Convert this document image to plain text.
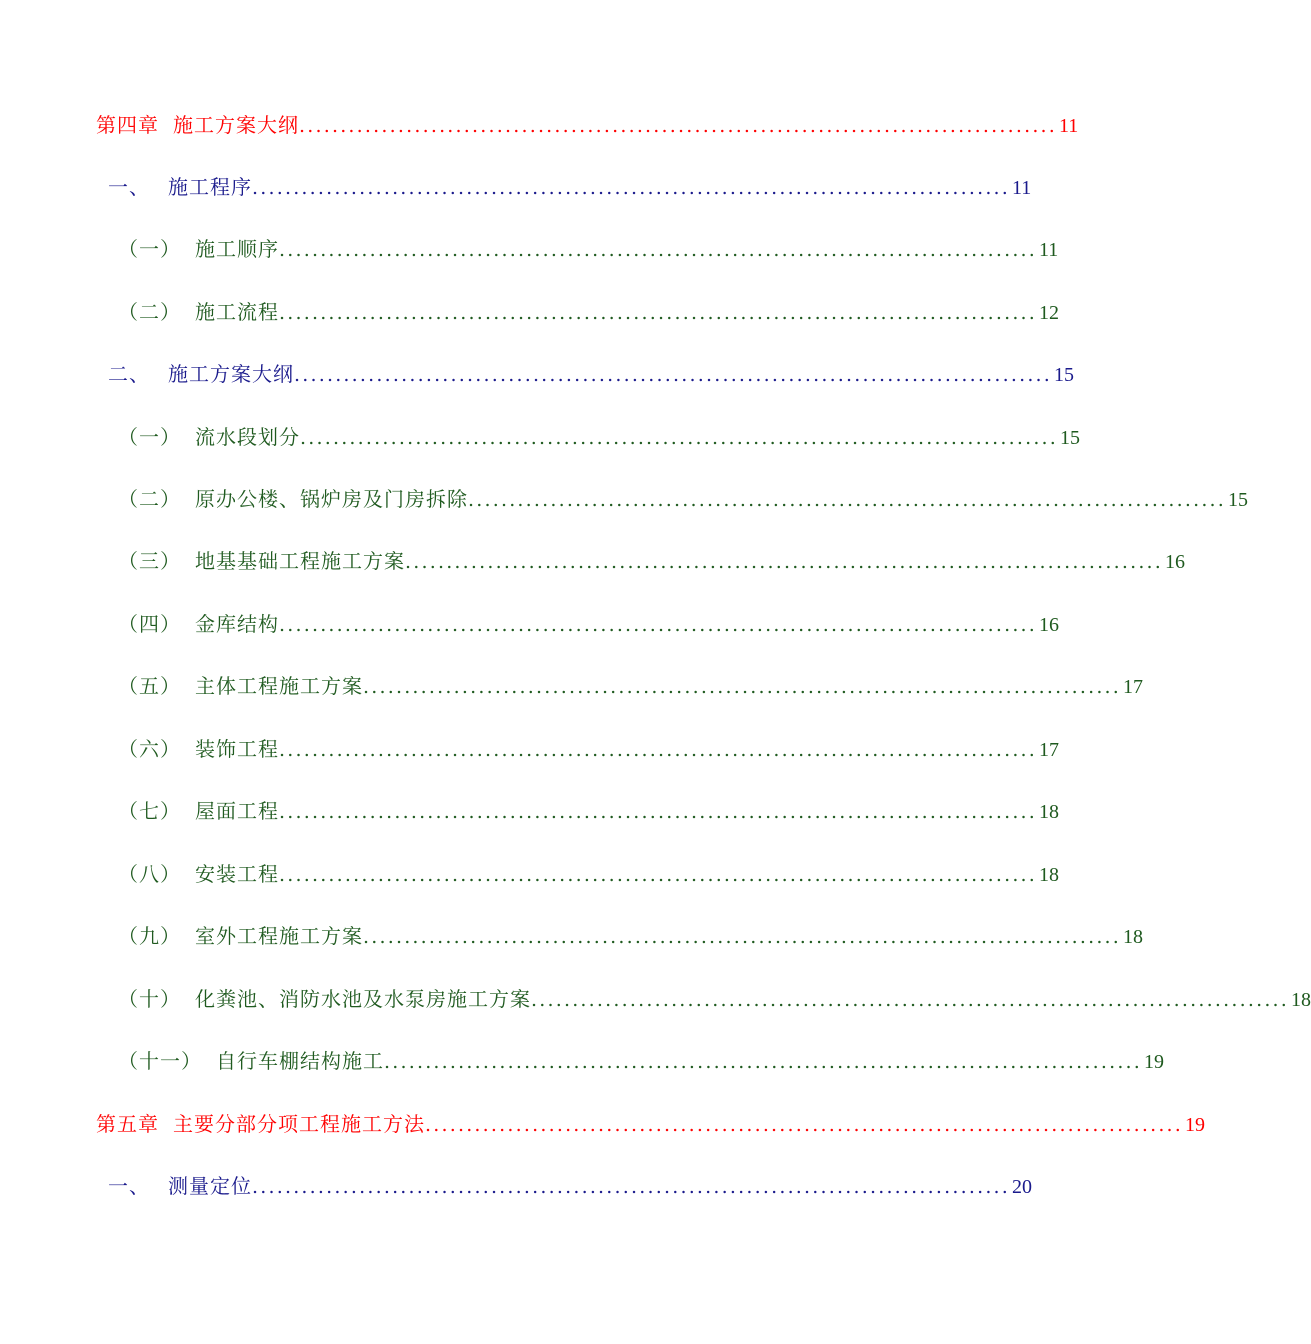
第四章 施工方案大纲 ............................................................................................ 11
一、 施工程序 ............................................................................................ 11
（一） 施工顺序 ............................................................................................ 11
（二） 施工流程 ............................................................................................ 12
二、 施工方案大纲 ............................................................................................ 15
（一） 流水段划分 ............................................................................................ 15
（二） 原办公楼、锅炉房及门房拆除 ............................................................................................ 15
（三） 地基基础工程施工方案 ............................................................................................ 16
（四） 金库结构 ............................................................................................ 16
（五） 主体工程施工方案 ............................................................................................ 17
（六） 装饰工程 ............................................................................................ 17
（七） 屋面工程 ............................................................................................ 18
（八） 安装工程 ............................................................................................ 18
（九） 室外工程施工方案 ............................................................................................ 18
（十） 化粪池、消防水池及水泵房施工方案 ............................................................................................ 18
（十一） 自行车棚结构施工 ............................................................................................ 19
第五章 主要分部分项工程施工方法 ............................................................................................ 19
一、 测量定位 ............................................................................................ 20
